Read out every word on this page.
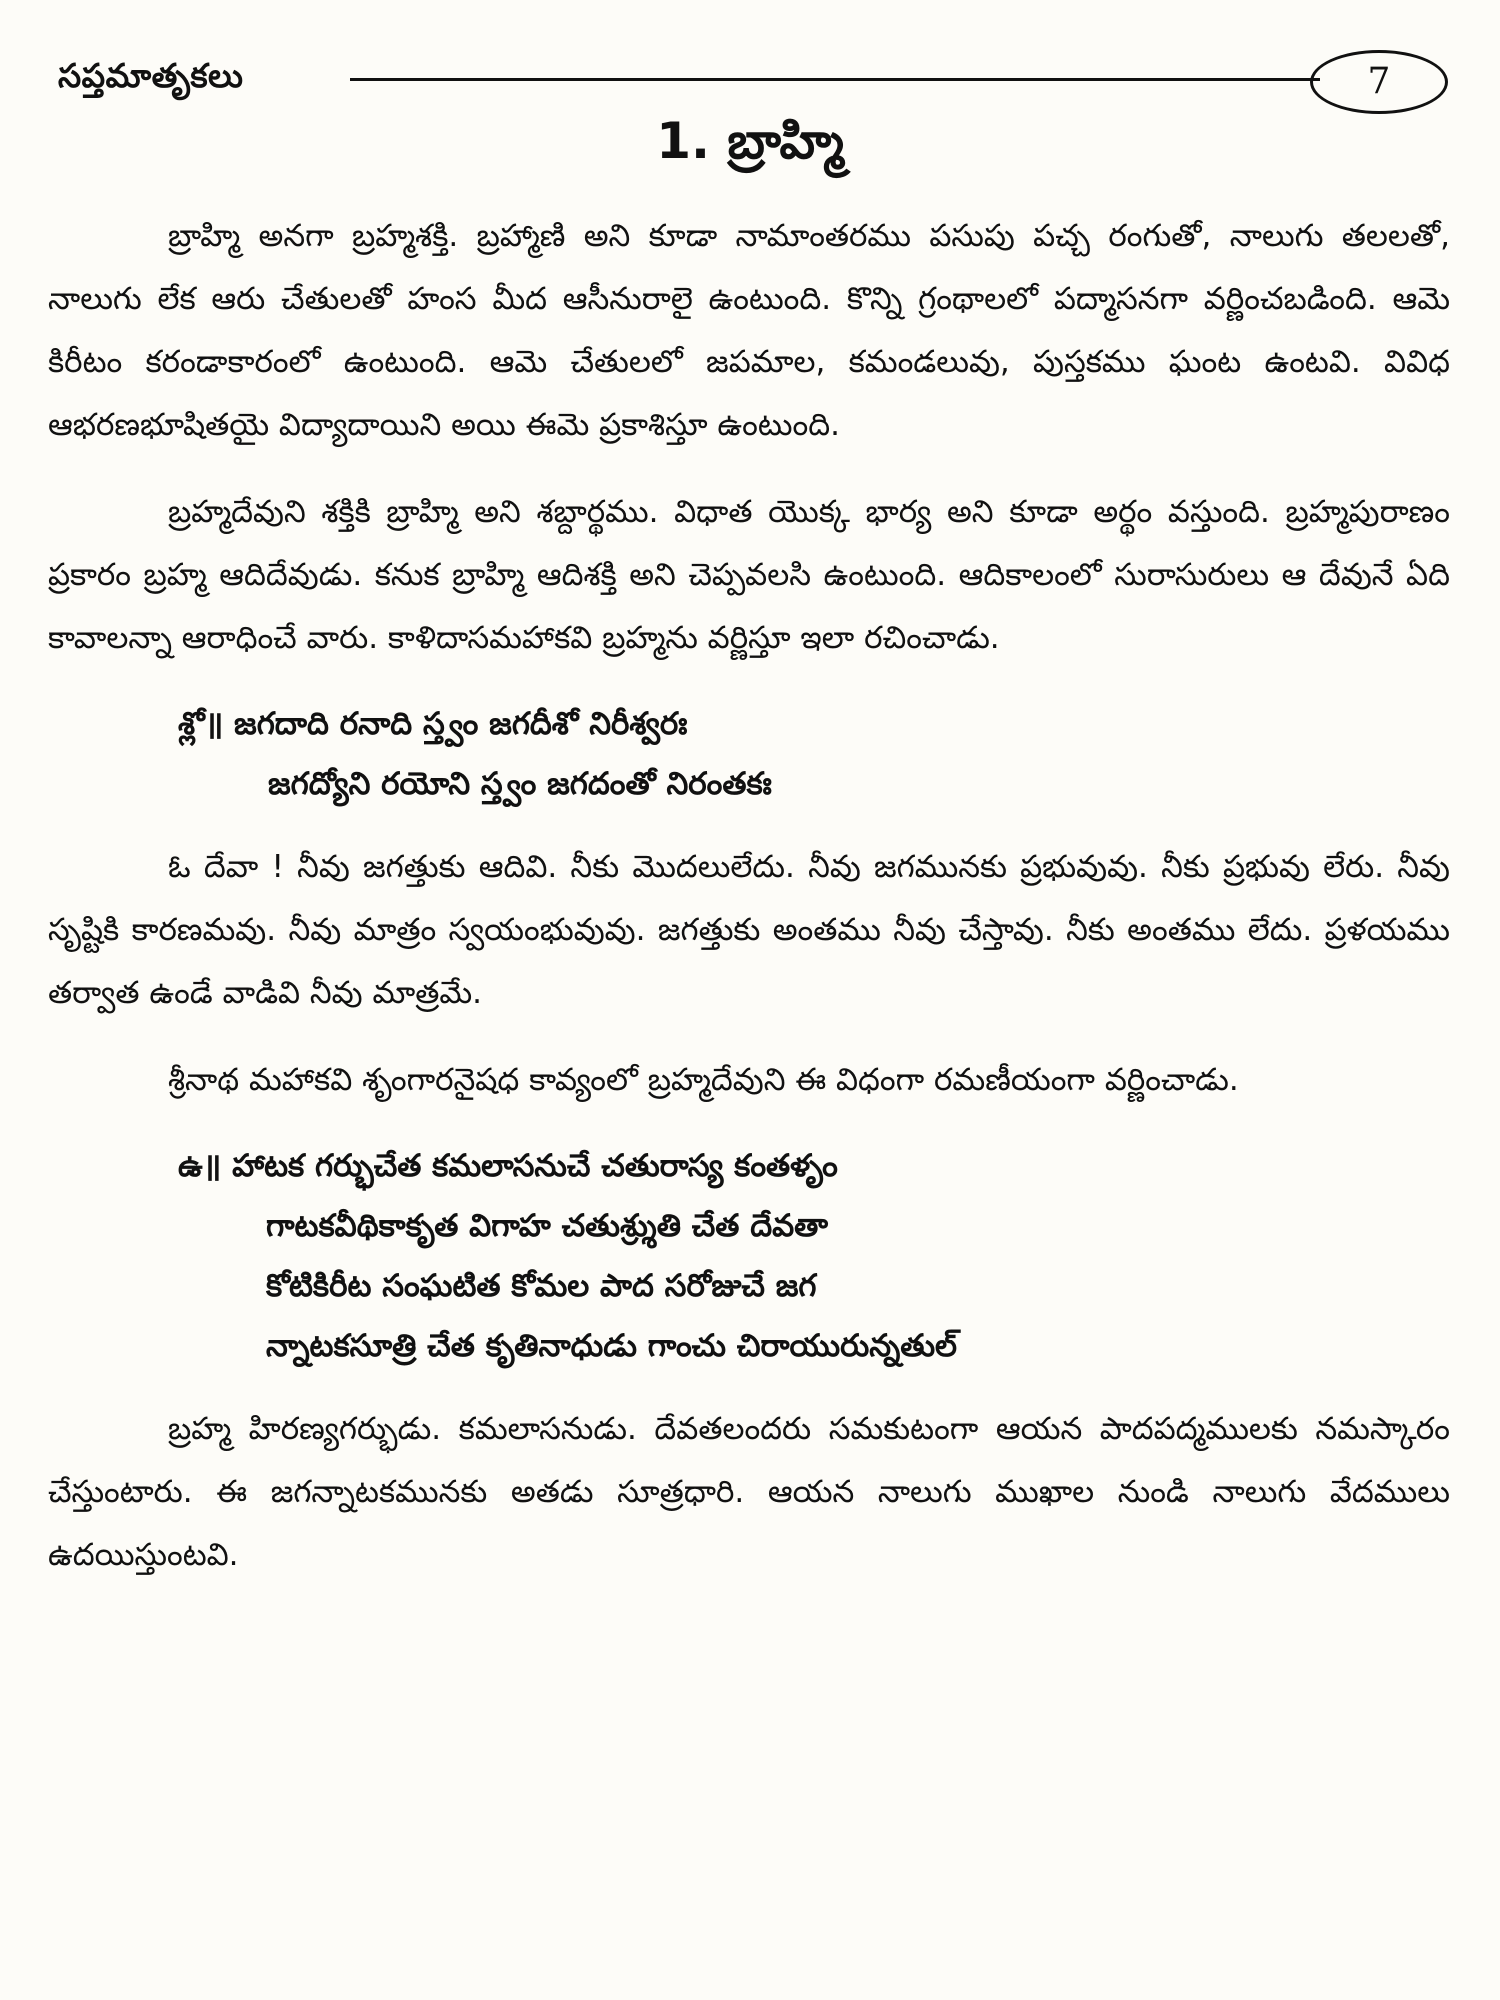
సప్తమాతృకలు	7
1. బ్రాహ్మి

బ్రాహ్మి అనగా బ్రహ్మశక్తి. బ్రహ్మాణి అని కూడా నామాంతరము పసుపు పచ్చ రంగుతో, నాలుగు తలలతో, నాలుగు లేక ఆరు చేతులతో హంస మీద ఆసీనురాలై ఉంటుంది. కొన్ని గ్రంథాలలో పద్మాసనగా వర్ణించబడింది. ఆమె కిరీటం కరండాకారంలో ఉంటుంది. ఆమె చేతులలో జపమాల, కమండలువు, పుస్తకము ఘంట ఉంటవి. వివిధ ఆభరణభూషితయై విద్యాదాయిని అయి ఈమె ప్రకాశిస్తూ ఉంటుంది.

బ్రహ్మదేవుని శక్తికి బ్రాహ్మి అని శబ్దార్థము. విధాత యొక్క భార్య అని కూడా అర్థం వస్తుంది. బ్రహ్మపురాణం ప్రకారం బ్రహ్మ ఆదిదేవుడు. కనుక బ్రాహ్మి ఆదిశక్తి అని చెప్పవలసి ఉంటుంది. ఆదికాలంలో సురాసురులు ఆ దేవునే ఏది కావాలన్నా ఆరాధించే వారు. కాళిదాసమహాకవి బ్రహ్మను వర్ణిస్తూ ఇలా రచించాడు.

శ్లో॥ జగదాది రనాది స్త్వం జగదీశో నిరీశ్వరః
జగద్యోని రయోని స్త్వం జగదంతో నిరంతకః

ఓ దేవా ! నీవు జగత్తుకు ఆదివి. నీకు మొదలులేదు. నీవు జగమునకు ప్రభువువు. నీకు ప్రభువు లేరు. నీవు సృష్టికి కారణమవు. నీవు మాత్రం స్వయంభువువు. జగత్తుకు అంతము నీవు చేస్తావు. నీకు అంతము లేదు. ప్రళయము తర్వాత ఉండే వాడివి నీవు మాత్రమే.

శ్రీనాథ మహాకవి శృంగారనైషధ కావ్యంలో బ్రహ్మదేవుని ఈ విధంగా రమణీయంగా వర్ణించాడు.

ఉ॥ హాటక గర్భుచేత కమలాసనుచే చతురాస్య కంతళృం
గాటకవీథికాకృత విగాహ చతుశ్ర్శుతి చేత దేవతా
కోటికిరీట సంఘటిత కోమల పాద సరోజుచే జగ
న్నాటకసూత్రి చేత కృతినాధుడు గాంచు చిరాయురున్నతుల్

బ్రహ్మ హిరణ్యగర్భుడు. కమలాసనుడు. దేవతలందరు సమకుటంగా ఆయన పాదపద్మములకు నమస్కారం చేస్తుంటారు. ఈ జగన్నాటకమునకు అతడు సూత్రధారి. ఆయన నాలుగు ముఖాల నుండి నాలుగు వేదములు ఉదయిస్తుంటవి.
